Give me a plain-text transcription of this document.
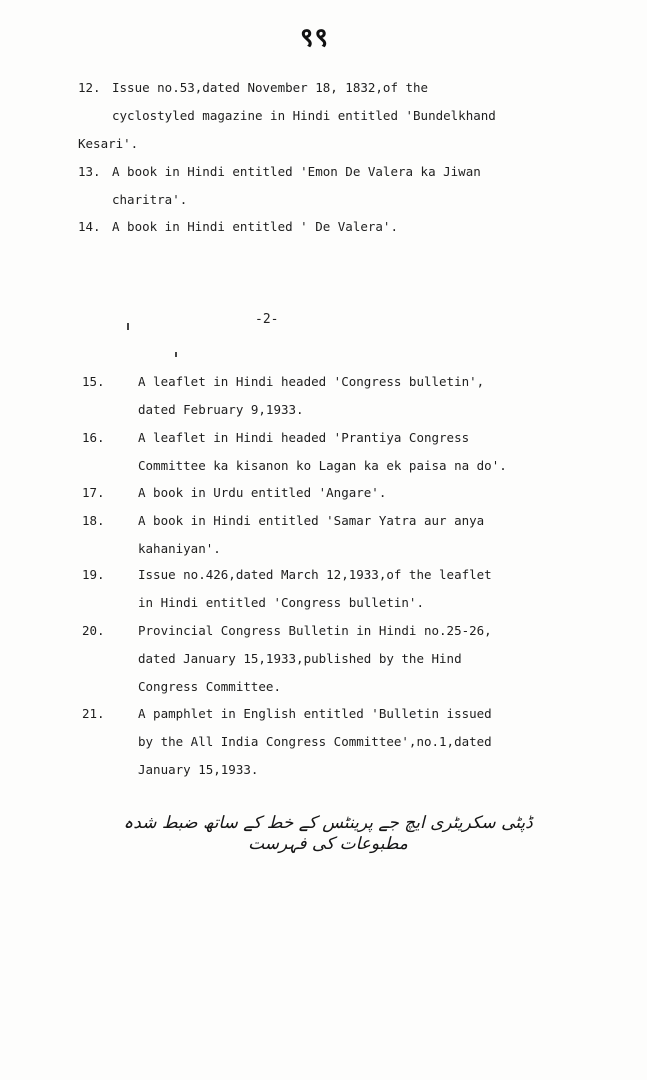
९९
12. Issue no.53,dated November 18, 1832,of the
cyclostyled magazine in Hindi entitled 'Bundelkhand
Kesari'.
13. A book in Hindi entitled 'Emon De Valera ka Jiwan
charitra'.
14. A book in Hindi entitled ' De Valera'.
-2-
15.	A leaflet in Hindi headed 'Congress bulletin',
dated February 9,1933.
16.	A leaflet in Hindi headed 'Prantiya Congress
Committee ka kisanon ko Lagan ka ek paisa na do'.
17.	A book in Urdu entitled 'Angare'.
18.	A book in Hindi entitled 'Samar Yatra aur anya
kahaniyan'.
19.	Issue no.426,dated March 12,1933,of the leaflet
in Hindi entitled 'Congress bulletin'.
20.	Provincial Congress Bulletin in Hindi no.25-26,
dated January 15,1933,published by the Hind
Congress Committee.
21.	A pamphlet in English entitled 'Bulletin issued
by the All India Congress Committee',no.1,dated
January 15,1933.
ڈپٹی سکریٹری ایچ جے پرینٹس کے خط کے ساتھ ضبط شدہ مطبوعات کی فہرست
